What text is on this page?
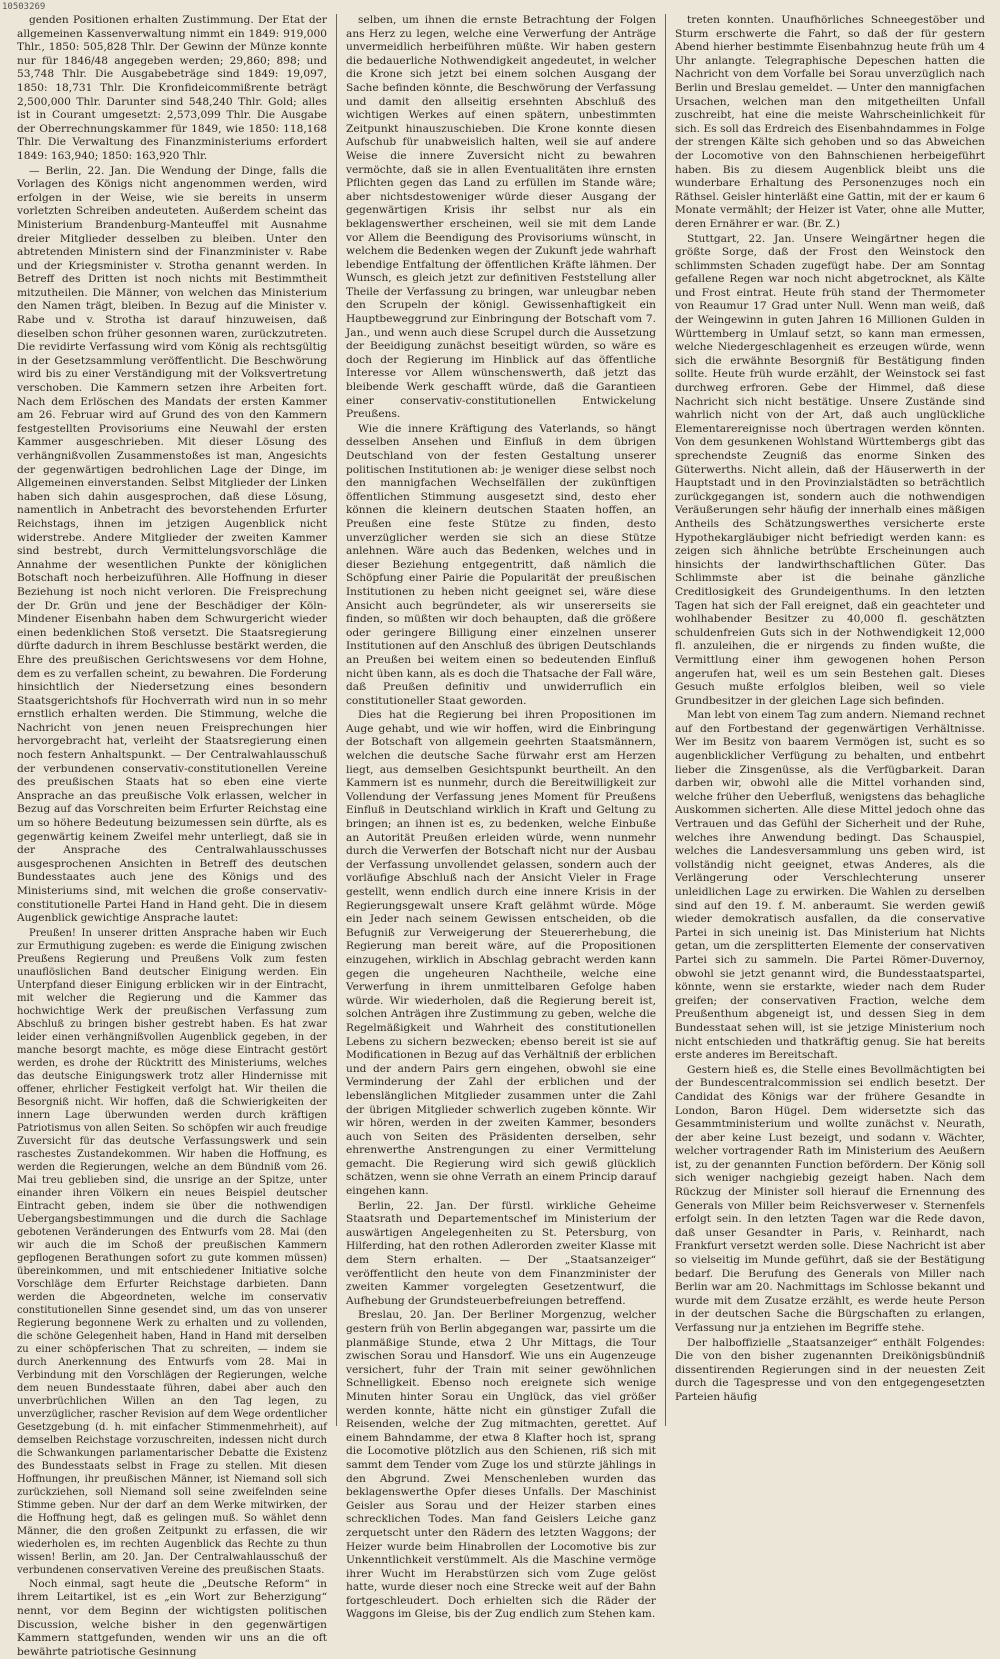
10503269

genden Positionen erhalten Zustimmung. Der Etat der allgemeinen Kassenverwaltung nimmt ein 1849: 919,000 Thlr., 1850: 505,828 Thlr. Der Gewinn der Münze konnte nur für 1846/48 angegeben werden; 29,860; 898; und 53,748 Thlr. Die Ausgabebeträge sind 1849: 19,097, 1850: 18,731 Thlr. Die Kronfideicommißrente beträgt 2,500,000 Thlr. Darunter sind 548,240 Thlr. Gold; alles ist in Courant umgesetzt: 2,573,099 Thlr. Die Ausgabe der Oberrechnungskammer für 1849, wie 1850: 118,168 Thlr. Die Verwaltung des Finanzministeriums erfordert 1849: 163,940; 1850: 163,920 Thlr.

— Berlin, 22. Jan. Die Wendung der Dinge, falls die Vorlagen des Königs nicht angenommen werden, wird erfolgen in der Weise, wie sie bereits in unserm vorletzten Schreiben andeuteten. Außerdem scheint das Ministerium Brandenburg-Manteuffel mit Ausnahme dreier Mitglieder desselben zu bleiben. Unter den abtretenden Ministern sind der Finanzminister v. Rabe und der Kriegsminister v. Strotha genannt werden. In Betreff des Dritten ist noch nichts mit Bestimmtheit mitzutheilen. Die Männer, von welchen das Ministerium den Namen trägt, bleiben. In Bezug auf die Minister v. Rabe und v. Strotha ist darauf hinzuweisen, daß dieselben schon früher gesonnen waren, zurückzutreten. Die revidirte Verfassung wird vom König als rechtsgültig in der Gesetzsammlung veröffentlicht. Die Beschwörung wird bis zu einer Verständigung mit der Volksvertretung verschoben. Die Kammern setzen ihre Arbeiten fort. Nach dem Erlöschen des Mandats der ersten Kammer am 26. Februar wird auf Grund des von den Kammern festgestellten Provisoriums eine Neuwahl der ersten Kammer ausgeschrieben. Mit dieser Lösung des verhängnißvollen Zusammenstoßes ist man, Angesichts der gegenwärtigen bedrohlichen Lage der Dinge, im Allgemeinen einverstanden. Selbst Mitglieder der Linken haben sich dahin ausgesprochen, daß diese Lösung, namentlich in Anbetracht des bevorstehenden Erfurter Reichstags, ihnen im jetzigen Augenblick nicht widerstrebe. Andere Mitglieder der zweiten Kammer sind bestrebt, durch Vermittelungsvorschläge die Annahme der wesentlichen Punkte der königlichen Botschaft noch herbeizuführen. Alle Hoffnung in dieser Beziehung ist noch nicht verloren. Die Freisprechung der Dr. Grün und jene der Beschädiger der Köln-Mindener Eisenbahn haben dem Schwurgericht wieder einen bedenklichen Stoß versetzt. Die Staatsregierung dürfte dadurch in ihrem Beschlusse bestärkt werden, die Ehre des preußischen Gerichtswesens vor dem Hohne, dem es zu verfallen scheint, zu bewahren. Die Forderung hinsichtlich der Niedersetzung eines besondern Staatsgerichtshofs für Hochverrath wird nun in so mehr ernstlich erhalten werden. Die Stimmung, welche die Nachricht von jenen neuen Freisprechungen hier hervorgebracht hat, verleiht der Staatsregierung einen noch festern Anhaltspunkt. — Der Centralwahlausschuß der verbundenen conservativ-constitutionellen Vereine des preußischen Staats hat so eben eine vierte Ansprache an das preußische Volk erlassen, welcher in Bezug auf das Vorschreiten beim Erfurter Reichstag eine um so höhere Bedeutung beizumessen sein dürfte, als es gegenwärtig keinem Zweifel mehr unterliegt, daß sie in der Ansprache des Centralwahlausschusses ausgesprochenen Ansichten in Betreff des deutschen Bundesstaates auch jene des Königs und des Ministeriums sind, mit welchen die große conservativ-constitutionelle Partei Hand in Hand geht. Die in diesem Augenblick gewichtige Ansprache lautet:

Preußen! In unserer dritten Ansprache haben wir Euch zur Ermuthigung zugeben: es werde die Einigung zwischen Preußens Regierung und Preußens Volk zum festen unauflöslichen Band deutscher Einigung werden. Ein Unterpfand dieser Einigung erblicken wir in der Eintracht, mit welcher die Regierung und die Kammer das hochwichtige Werk der preußischen Verfassung zum Abschluß zu bringen bisher gestrebt haben. Es hat zwar leider einen verhängnißvollen Augenblick gegeben, in der manche besorgt machte, es möge diese Eintracht gestört werden, es drohe der Rücktritt des Ministeriums, welches das deutsche Einigungswerk trotz aller Hindernisse mit offener, ehrlicher Festigkeit verfolgt hat. Wir theilen die Besorgniß nicht. Wir hoffen, daß die Schwierigkeiten der innern Lage überwunden werden durch kräftigen Patriotismus von allen Seiten. So schöpfen wir auch freudige Zuversicht für das deutsche Verfassungswerk und sein raschestes Zustandekommen. Wir haben die Hoffnung, es werden die Regierungen, welche an dem Bündniß vom 26. Mai treu geblieben sind, die unsrige an der Spitze, unter einander ihren Völkern ein neues Beispiel deutscher Eintracht geben, indem sie über die nothwendigen Uebergangsbestimmungen und die durch die Sachlage gebotenen Veränderungen des Entwurfs vom 28. Mai (den wir auch die im Schoß der preußischen Kammern gepflogenen Berathungen sofort zu gute kommen müssen) übereinkommen, und mit entschiedener Initiative solche Vorschläge dem Erfurter Reichstage darbieten. Dann werden die Abgeordneten, welche im conservativ constitutionellen Sinne gesendet sind, um das von unserer Regierung begonnene Werk zu erhalten und zu vollenden, die schöne Gelegenheit haben, Hand in Hand mit derselben zu einer schöpferischen That zu schreiten, — indem sie durch Anerkennung des Entwurfs vom 28. Mai in Verbindung mit den Vorschlägen der Regierungen, welche dem neuen Bundesstaate führen, dabei aber auch den unverbrüchlichen Willen an den Tag legen, zu unverzüglicher, rascher Revision auf dem Wege ordentlicher Gesetzgebung (d. h. mit einfacher Stimmenmehrheit), auf demselben Reichstage vorzuschreiten, indessen nicht durch die Schwankungen parlamentarischer Debatte die Existenz des Bundesstaats selbst in Frage zu stellen. Mit diesen Hoffnungen, ihr preußischen Männer, ist Niemand soll sich zurückziehen, soll Niemand soll seine zweifelnden seine Stimme geben. Nur der darf an dem Werke mitwirken, der die Hoffnung hegt, daß es gelingen muß. So wählet denn Männer, die den großen Zeitpunkt zu erfassen, die wir wiederholen es, im rechten Augenblick das Rechte zu thun wissen! Berlin, am 20. Jan. Der Centralwahlausschuß der verbundenen conservativen Vereine des preußischen Staats.

Noch einmal, sagt heute die „Deutsche Reform“ in ihrem Leitartikel, ist es „ein Wort zur Beherzigung“ nennt, vor dem Beginn der wichtigsten politischen Discussion, welche bisher in den gegenwärtigen Kammern stattgefunden, wenden wir uns an die oft bewährte patriotische Gesinnung

selben, um ihnen die ernste Betrachtung der Folgen ans Herz zu legen, welche eine Verwerfung der Anträge unvermeidlich herbeiführen müßte. Wir haben gestern die bedauerliche Nothwendigkeit angedeutet, in welcher die Krone sich jetzt bei einem solchen Ausgang der Sache befinden könnte, die Beschwörung der Verfassung und damit den allseitig ersehnten Abschluß des wichtigen Werkes auf einen spätern, unbestimmten Zeitpunkt hinauszuschieben. Die Krone konnte diesen Aufschub für unabweislich halten, weil sie auf andere Weise die innere Zuversicht nicht zu bewahren vermöchte, daß sie in allen Eventualitäten ihre ernsten Pflichten gegen das Land zu erfüllen im Stande wäre; aber nichtsdestoweniger würde dieser Ausgang der gegenwärtigen Krisis ihr selbst nur als ein beklagenswerther erscheinen, weil sie mit dem Lande vor Allem die Beendigung des Provisoriums wünscht, in welchem die Bedenken wegen der Zukunft jede wahrhaft lebendige Entfaltung der öffentlichen Kräfte lähmen. Der Wunsch, es gleich jetzt zur definitiven Feststellung aller Theile der Verfassung zu bringen, war unleugbar neben den Scrupeln der königl. Gewissenhaftigkeit ein Hauptbeweggrund zur Einbringung der Botschaft vom 7. Jan., und wenn auch diese Scrupel durch die Aussetzung der Beeidigung zunächst beseitigt würden, so wäre es doch der Regierung im Hinblick auf das öffentliche Interesse vor Allem wünschenswerth, daß jetzt das bleibende Werk geschafft würde, daß die Garantieen einer conservativ-constitutionellen Entwickelung Preußens.

Wie die innere Kräftigung des Vaterlands, so hängt desselben Ansehen und Einfluß in dem übrigen Deutschland von der festen Gestaltung unserer politischen Institutionen ab: je weniger diese selbst noch den mannigfachen Wechselfällen der zukünftigen öffentlichen Stimmung ausgesetzt sind, desto eher können die kleinern deutschen Staaten hoffen, an Preußen eine feste Stütze zu finden, desto unverzüglicher werden sie sich an diese Stütze anlehnen. Wäre auch das Bedenken, welches und in dieser Beziehung entgegentritt, daß nämlich die Schöpfung einer Pairie die Popularität der preußischen Institutionen zu heben nicht geeignet sei, wäre diese Ansicht auch begründeter, als wir unsererseits sie finden, so müßten wir doch behaupten, daß die größere oder geringere Billigung einer einzelnen unserer Institutionen auf den Anschluß des übrigen Deutschlands an Preußen bei weitem einen so bedeutenden Einfluß nicht üben kann, als es doch die Thatsache der Fall wäre, daß Preußen definitiv und unwiderruflich ein constitutioneller Staat geworden.

Dies hat die Regierung bei ihren Propositionen im Auge gehabt, und wie wir hoffen, wird die Einbringung der Botschaft von allgemein geehrten Staatsmännern, welchen die deutsche Sache fürwahr erst am Herzen liegt, aus demselben Gesichtspunkt beurtheilt. An den Kammern ist es nunmehr, durch die Bereitwilligkeit zur Vollendung der Verfassung jenes Moment für Preußens Einfluß in Deutschland wirklich in Kraft und Geltung zu bringen; an ihnen ist es, zu bedenken, welche Einbuße an Autorität Preußen erleiden würde, wenn nunmehr durch die Verwerfen der Botschaft nicht nur der Ausbau der Verfassung unvollendet gelassen, sondern auch der vorläufige Abschluß nach der Ansicht Vieler in Frage gestellt, wenn endlich durch eine innere Krisis in der Regierungsgewalt unsere Kraft gelähmt würde. Möge ein Jeder nach seinem Gewissen entscheiden, ob die Befugniß zur Verweigerung der Steuererhebung, die Regierung man bereit wäre, auf die Propositionen einzugehen, wirklich in Abschlag gebracht werden kann gegen die ungeheuren Nachtheile, welche eine Verwerfung in ihrem unmittelbaren Gefolge haben würde. Wir wiederholen, daß die Regierung bereit ist, solchen Anträgen ihre Zustimmung zu geben, welche die Regelmäßigkeit und Wahrheit des constitutionellen Lebens zu sichern bezwecken; ebenso bereit ist sie auf Modificationen in Bezug auf das Verhältniß der erblichen und der andern Pairs gern eingehen, obwohl sie eine Verminderung der Zahl der erblichen und der lebenslänglichen Mitglieder zusammen unter die Zahl der übrigen Mitglieder schwerlich zugeben könnte. Wir wir hören, werden in der zweiten Kammer, besonders auch von Seiten des Präsidenten derselben, sehr ehrenwerthe Anstrengungen zu einer Vermittelung gemacht. Die Regierung wird sich gewiß glücklich schätzen, wenn sie ohne Verrath an einem Princip darauf eingehen kann.

Berlin, 22. Jan. Der fürstl. wirkliche Geheime Staatsrath und Departementschef im Ministerium der auswärtigen Angelegenheiten zu St. Petersburg, von Hilferding, hat den rothen Adlerorden zweiter Klasse mit dem Stern erhalten. — Der „Staatsanzeiger“ veröffentlicht den heute von dem Finanzminister der zweiten Kammer vorgelegten Gesetzentwurf, die Aufhebung der Grundsteuerbefreiungen betreffend.

Breslau, 20. Jan. Der Berliner Morgenzug, welcher gestern früh von Berlin abgegangen war, passirte um die planmäßige Stunde, etwa 2 Uhr Mittags, die Tour zwischen Sorau und Hansdorf. Wie uns ein Augenzeuge versichert, fuhr der Train mit seiner gewöhnlichen Schnelligkeit. Ebenso noch ereignete sich wenige Minuten hinter Sorau ein Unglück, das viel größer werden konnte, hätte nicht ein günstiger Zufall die Reisenden, welche der Zug mitmachten, gerettet. Auf einem Bahndamme, der etwa 8 Klafter hoch ist, sprang die Locomotive plötzlich aus den Schienen, riß sich mit sammt dem Tender vom Zuge los und stürzte jählings in den Abgrund. Zwei Menschenleben wurden das beklagenswerthe Opfer dieses Unfalls. Der Maschinist Geisler aus Sorau und der Heizer starben eines schrecklichen Todes. Man fand Geislers Leiche ganz zerquetscht unter den Rädern des letzten Waggons; der Heizer wurde beim Hinabrollen der Locomotive bis zur Unkenntlichkeit verstümmelt. Als die Maschine vermöge ihrer Wucht im Herabstürzen sich vom Zuge gelöst hatte, wurde dieser noch eine Strecke weit auf der Bahn fortgeschleudert. Doch erhielten sich die Räder der Waggons im Gleise, bis der Zug endlich zum Stehen kam.

treten konnten. Unaufhörliches Schneegestöber und Sturm erschwerte die Fahrt, so daß der für gestern Abend hierher bestimmte Eisenbahnzug heute früh um 4 Uhr anlangte. Telegraphische Depeschen hatten die Nachricht von dem Vorfalle bei Sorau unverzüglich nach Berlin und Breslau gemeldet. — Unter den mannigfachen Ursachen, welchen man den mitgetheilten Unfall zuschreibt, hat eine die meiste Wahrscheinlichkeit für sich. Es soll das Erdreich des Eisenbahndammes in Folge der strengen Kälte sich gehoben und so das Abweichen der Locomotive von den Bahnschienen herbeigeführt haben. Bis zu diesem Augenblick bleibt uns die wunderbare Erhaltung des Personenzuges noch ein Räthsel. Geisler hinterläßt eine Gattin, mit der er kaum 6 Monate vermählt; der Heizer ist Vater, ohne alle Mutter, deren Ernährer er war. (Br. Z.)

Stuttgart, 22. Jan. Unsere Weingärtner hegen die größte Sorge, daß der Frost den Weinstock den schlimmsten Schaden zugefügt habe. Der am Sonntag gefallene Regen war noch nicht abgetrocknet, als Kälte und Frost eintrat. Heute früh stand der Thermometer von Reaumur 17 Grad unter Null. Wenn man weiß, daß der Weingewinn in guten Jahren 16 Millionen Gulden in Württemberg in Umlauf setzt, so kann man ermessen, welche Niedergeschlagenheit es erzeugen würde, wenn sich die erwähnte Besorgniß für Bestätigung finden sollte. Heute früh wurde erzählt, der Weinstock sei fast durchweg erfroren. Gebe der Himmel, daß diese Nachricht sich nicht bestätige. Unsere Zustände sind wahrlich nicht von der Art, daß auch unglückliche Elementarereignisse noch übertragen werden könnten. Von dem gesunkenen Wohlstand Württembergs gibt das sprechendste Zeugniß das enorme Sinken des Güterwerths. Nicht allein, daß der Häuserwerth in der Hauptstadt und in den Provinzialstädten so beträchtlich zurückgegangen ist, sondern auch die nothwendigen Veräußerungen sehr häufig der innerhalb eines mäßigen Antheils des Schätzungswerthes versicherte erste Hypothekargläubiger nicht befriedigt werden kann: es zeigen sich ähnliche betrübte Erscheinungen auch hinsichts der landwirthschaftlichen Güter. Das Schlimmste aber ist die beinahe gänzliche Creditlosigkeit des Grundeigenthums. In den letzten Tagen hat sich der Fall ereignet, daß ein geachteter und wohlhabender Besitzer zu 40,000 fl. geschätzten schuldenfreien Guts sich in der Nothwendigkeit 12,000 fl. anzuleihen, die er nirgends zu finden wußte, die Vermittlung einer ihm gewogenen hohen Person angerufen hat, weil es um sein Bestehen galt. Dieses Gesuch mußte erfolglos bleiben, weil so viele Grundbesitzer in der gleichen Lage sich befinden.

Man lebt von einem Tag zum andern. Niemand rechnet auf den Fortbestand der gegenwärtigen Verhältnisse. Wer im Besitz von baarem Vermögen ist, sucht es so augenblicklicher Verfügung zu behalten, und entbehrt lieber die Zinsgenüsse, als die Verfügbarkeit. Daran darben wir, obwohl alle die Mittel vorhanden sind, welche früher den Ueberfluß, wenigstens das behagliche Auskommen sicherten. Alle diese Mittel jedoch ohne das Vertrauen und das Gefühl der Sicherheit und der Ruhe, welches ihre Anwendung bedingt. Das Schauspiel, welches die Landesversammlung uns geben wird, ist vollständig nicht geeignet, etwas Anderes, als die Verlängerung oder Verschlechterung unserer unleidlichen Lage zu erwirken. Die Wahlen zu derselben sind auf den 19. f. M. anberaumt. Sie werden gewiß wieder demokratisch ausfallen, da die conservative Partei in sich uneinig ist. Das Ministerium hat Nichts getan, um die zersplitterten Elemente der conservativen Partei sich zu sammeln. Die Partei Römer-Duvernoy, obwohl sie jetzt genannt wird, die Bundesstaatspartei, könnte, wenn sie erstarkte, wieder nach dem Ruder greifen; der conservativen Fraction, welche dem Preußenthum abgeneigt ist, und dessen Sieg in dem Bundesstaat sehen will, ist sie jetzige Ministerium noch nicht entschieden und thatkräftig genug. Sie hat bereits erste anderes im Bereitschaft.

Gestern hieß es, die Stelle eines Bevollmächtigten bei der Bundescentralcommission sei endlich besetzt. Der Candidat des Königs war der frühere Gesandte in London, Baron Hügel. Dem widersetzte sich das Gesammtministerium und wollte zunächst v. Neurath, der aber keine Lust bezeigt, und sodann v. Wächter, welcher vortragender Rath im Ministerium des Aeußern ist, zu der genannten Function befördern. Der König soll sich weniger nachgiebig gezeigt haben. Nach dem Rückzug der Minister soll hierauf die Ernennung des Generals von Miller beim Reichsverweser v. Sternenfels erfolgt sein. In den letzten Tagen war die Rede davon, daß unser Gesandter in Paris, v. Reinhardt, nach Frankfurt versetzt werden solle. Diese Nachricht ist aber so vielseitig im Munde geführt, daß sie der Bestätigung bedarf. Die Berufung des Generals von Miller nach Berlin war am 20. Nachmittags im Schlosse bekannt und wurde mit dem Zusatze erzählt, es werde heute Person in der deutschen Sache die Bürgschaften zu erlangen, Verfassung nur ja entziehen im Begriffe stehe.

Der halboffizielle „Staatsanzeiger“ enthält Folgendes: Die von den bisher zugenannten Dreikönigsbündniß dissentirenden Regierungen sind in der neuesten Zeit durch die Tagespresse und von den entgegengesetzten Parteien häufig
